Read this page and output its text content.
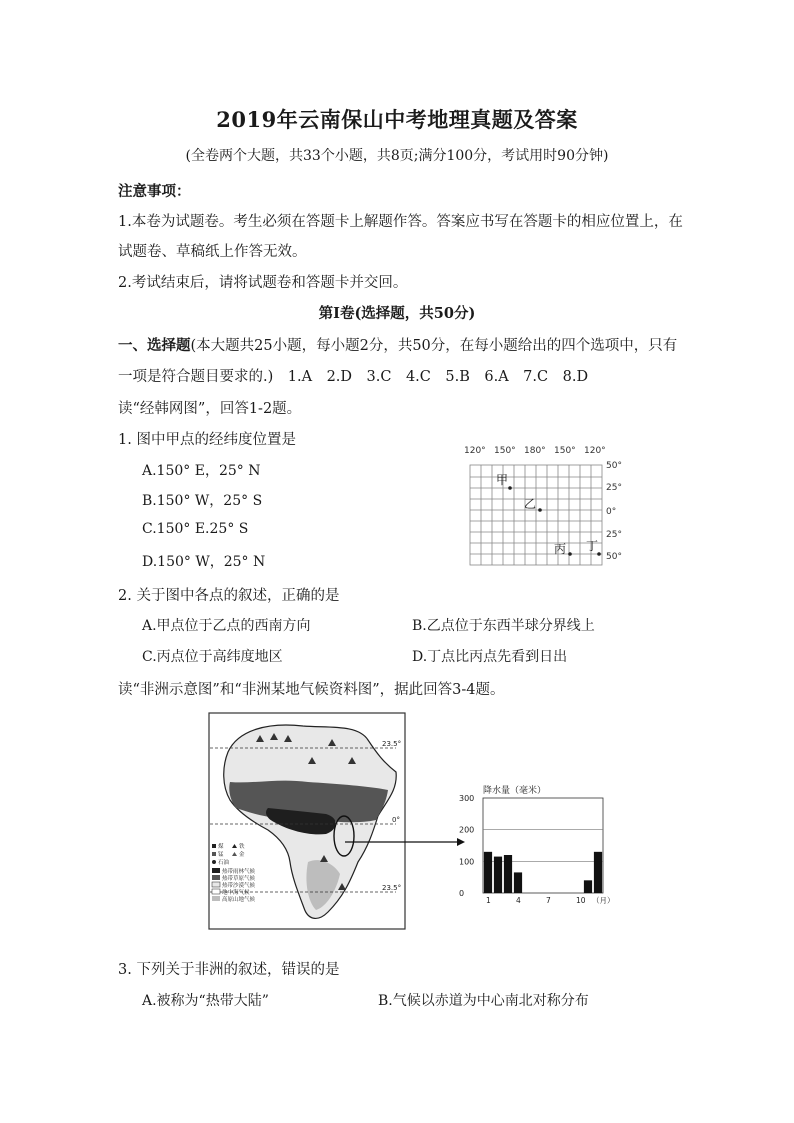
2019年云南保山中考地理真题及答案
(全卷两个大题，共33个小题，共8页;满分100分，考试用时90分钟)
注意事项：
1.本卷为试题卷。考生必须在答题卡上解题作答。答案应书写在答题卡的相应位置上，在
试题卷、草稿纸上作答无效。
2.考试结束后，请将试题卷和答题卡并交回。
第Ⅰ卷(选择题，共50分)
一、选择题(本大题共25小题，每小题2分，共50分，在每小题给出的四个选项中，只有
一项是符合题目要求的.)　1.A　2.D　3.C　4.C　5.B　6.A　7.C　8.D
读“经韩网图”，回答1-2题。
1. 图中甲点的经纬度位置是
A.150° E，25° N
B.150° W，25° S
C.150° E.25° S
D.150° W，25° N
120° 150° 180° 150° 120°
50°
25°
0°
25°
50°
甲
乙
丙 丁
2. 关于图中各点的叙述，正确的是
A.甲点位于乙点的西南方向	B.乙点位于东西半球分界线上
C.丙点位于高纬度地区	D.丁点比丙点先看到日出
读“非洲示意图”和“非洲某地气候资料图”，据此回答3-4题。
23.5°
0°
23.5°
煤	铁
锰	金
石油
热带雨林气候
热带草原气候
热带沙漠气候
地中海气候
高原山地气候
降水量（毫米）
300
200
100
0
1	4	7	10 （月）
3. 下列关于非洲的叙述，错误的是
A.被称为“热带大陆”	B.气候以赤道为中心南北对称分布
